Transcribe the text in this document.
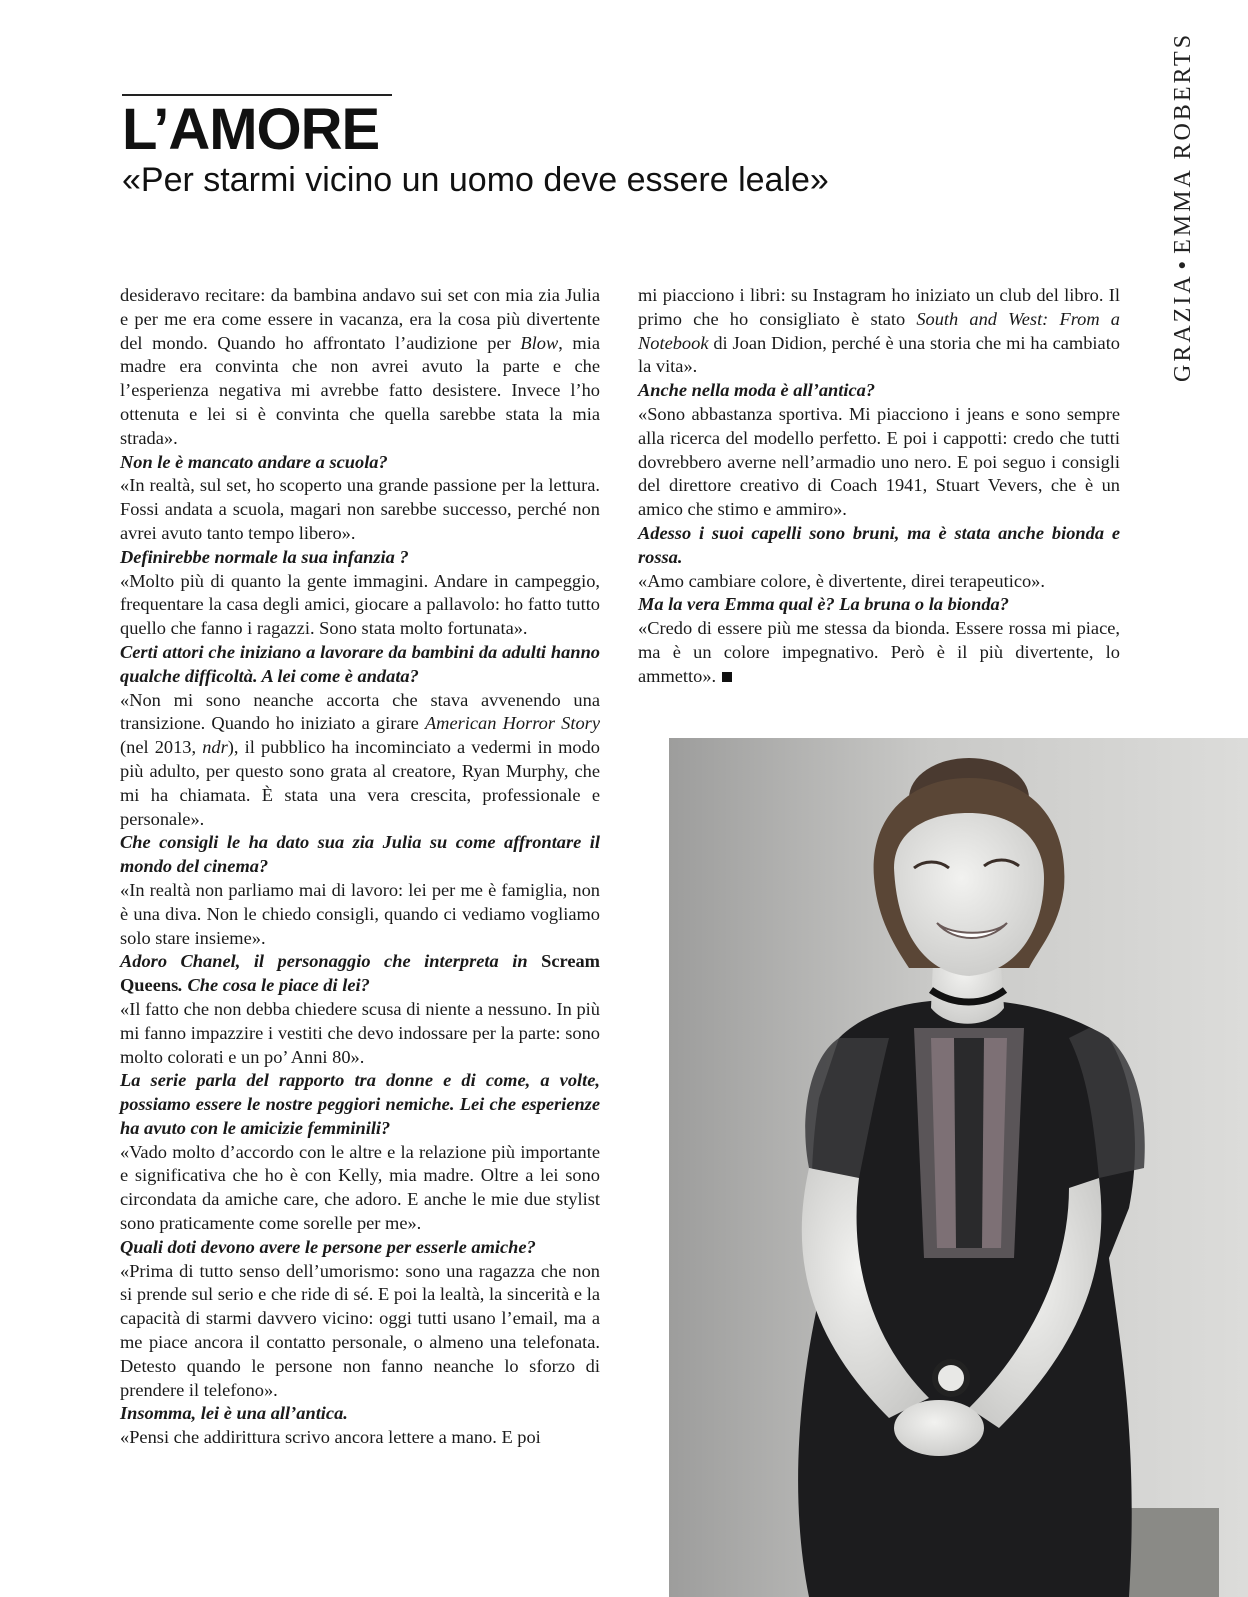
L’AMORE
«Per starmi vicino un uomo deve essere leale»
GRAZIA●EMMA ROBERTS

desideravo recitare: da bambina andavo sui set con mia zia Julia e per me era come essere in vacanza, era la cosa più divertente del mondo. Quando ho affrontato l’audizione per Blow, mia madre era convinta che non avrei avuto la parte e che l’esperienza negativa mi avrebbe fatto desistere. Invece l’ho ottenuta e lei si è convinta che quella sarebbe stata la mia strada».

Non le è mancato andare a scuola?

«In realtà, sul set, ho scoperto una grande passione per la lettura. Fossi andata a scuola, magari non sarebbe successo, perché non avrei avuto tanto tempo libero».

Definirebbe normale la sua infanzia ?

«Molto più di quanto la gente immagini. Andare in campeggio, frequentare la casa degli amici, giocare a pallavolo: ho fatto tutto quello che fanno i ragazzi. Sono stata molto fortunata».

Certi attori che iniziano a lavorare da bambini da adulti hanno qualche difficoltà. A lei come è andata?

«Non mi sono neanche accorta che stava avvenendo una transizione. Quando ho iniziato a girare American Horror Story (nel 2013, ndr), il pubblico ha incominciato a vedermi in modo più adulto, per questo sono grata al creatore, Ryan Murphy, che mi ha chiamata. È stata una vera crescita, professionale e personale».

Che consigli le ha dato sua zia Julia su come affrontare il mondo del cinema?

«In realtà non parliamo mai di lavoro: lei per me è famiglia, non è una diva. Non le chiedo consigli, quando ci vediamo vogliamo solo stare insieme».

Adoro Chanel, il personaggio che interpreta in Scream Queens. Che cosa le piace di lei?

«Il fatto che non debba chiedere scusa di niente a nessuno. In più mi fanno impazzire i vestiti che devo indossare per la parte: sono molto colorati e un po’ Anni 80».

La serie parla del rapporto tra donne e di come, a volte, possiamo essere le nostre peggiori nemiche. Lei che esperienze ha avuto con le amicizie femminili?

«Vado molto d’accordo con le altre e la relazione più importante e significativa che ho è con Kelly, mia madre. Oltre a lei sono circondata da amiche care, che adoro. E anche le mie due stylist sono praticamente come sorelle per me».

Quali doti devono avere le persone per esserle amiche?

«Prima di tutto senso dell’umorismo: sono una ragazza che non si prende sul serio e che ride di sé. E poi la lealtà, la sincerità e la capacità di starmi davvero vicino: oggi tutti usano l’email, ma a me piace ancora il contatto personale, o almeno una telefonata. Detesto quando le persone non fanno neanche lo sforzo di prendere il telefono».

Insomma, lei è una all’antica.

«Pensi che addirittura scrivo ancora lettere a mano. E poi

mi piacciono i libri: su Instagram ho iniziato un club del libro. Il primo che ho consigliato è stato South and West: From a Notebook di Joan Didion, perché è una storia che mi ha cambiato la vita».

Anche nella moda è all’antica?

«Sono abbastanza sportiva. Mi piacciono i jeans e sono sempre alla ricerca del modello perfetto. E poi i cappotti: credo che tutti dovrebbero averne nell’armadio uno nero. E poi seguo i consigli del direttore creativo di Coach 1941, Stuart Vevers, che è un amico che stimo e ammiro».

Adesso i suoi capelli sono bruni, ma è stata anche bionda e rossa.

«Amo cambiare colore, è divertente, direi terapeutico».

Ma la vera Emma qual è? La bruna o la bionda?

«Credo di essere più me stessa da bionda. Essere rossa mi piace, ma è un colore impegnativo. Però è il più divertente, lo ammetto».
